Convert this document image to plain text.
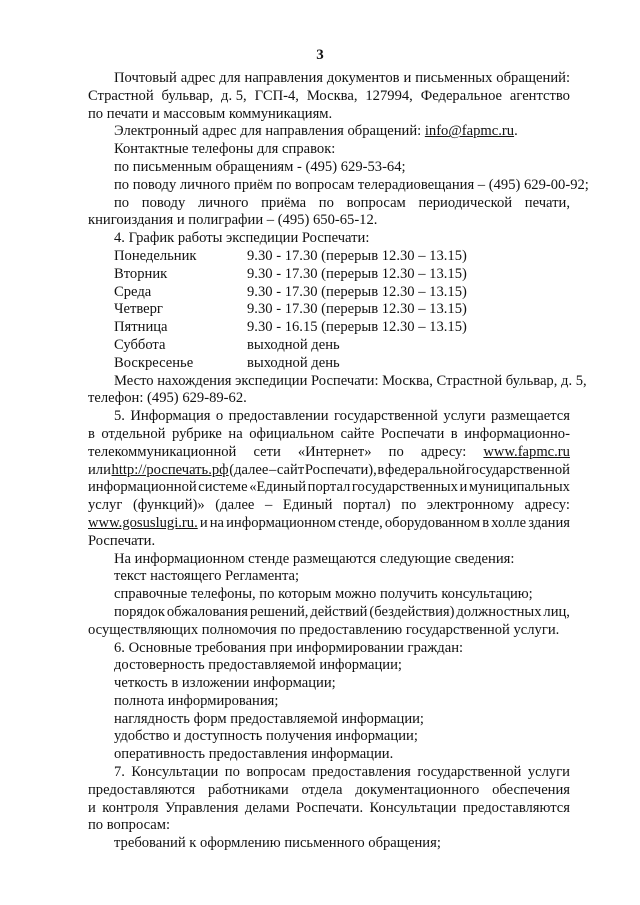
3
Почтовый адрес для направления документов и письменных обращений:
Страстной бульвар, д. 5, ГСП-4, Москва, 127994, Федеральное агентство
по печати и массовым коммуникациям.
Электронный адрес для направления обращений: info@fapmc.ru .
Контактные телефоны для справок:
по письменным обращениям - (495) 629-53-64;
по поводу личного приём по вопросам телерадиовещания – (495) 629-00-92;
по поводу личного приёма по вопросам периодической печати,
книгоиздания и полиграфии – (495) 650-65-12.
4. График работы экспедиции Роспечати:
Понедельник	9.30 - 17.30 (перерыв 12.30 – 13.15)
Вторник	9.30 - 17.30 (перерыв 12.30 – 13.15)
Среда	9.30 - 17.30 (перерыв 12.30 – 13.15)
Четверг	9.30 - 17.30 (перерыв 12.30 – 13.15)
Пятница	9.30 - 16.15 (перерыв 12.30 – 13.15)
Суббота	выходной день
Воскресенье	выходной день
Место нахождения экспедиции Роспечати: Москва, Страстной бульвар, д. 5,
телефон: (495) 629-89-62.
5. Информация о предоставлении государственной услуги размещается
в отдельной рубрике на официальном сайте Роспечати в информационно-
телекоммуникационной сети «Интернет» по адресу: www.fapmc.ru
или http://роспечать.рф (далее – сайт Роспечати), в федеральной государственной
информационной системе «Единый портал государственных и муниципальных
услуг (функций)» (далее – Единый портал) по электронному адресу:
www.gosuslugi.ru. и на информационном стенде, оборудованном в холле здания
Роспечати.
На информационном стенде размещаются следующие сведения:
текст настоящего Регламента;
справочные телефоны, по которым можно получить консультацию;
порядок обжалования решений, действий (бездействия) должностных лиц,
осуществляющих полномочия по предоставлению государственной услуги.
6. Основные требования при информировании граждан:
достоверность предоставляемой информации;
четкость в изложении информации;
полнота информирования;
наглядность форм предоставляемой информации;
удобство и доступность получения информации;
оперативность предоставления информации.
7. Консультации по вопросам предоставления государственной услуги
предоставляются работниками отдела документационного обеспечения
и контроля Управления делами Роспечати. Консультации предоставляются
по вопросам:
требований к оформлению письменного обращения;
